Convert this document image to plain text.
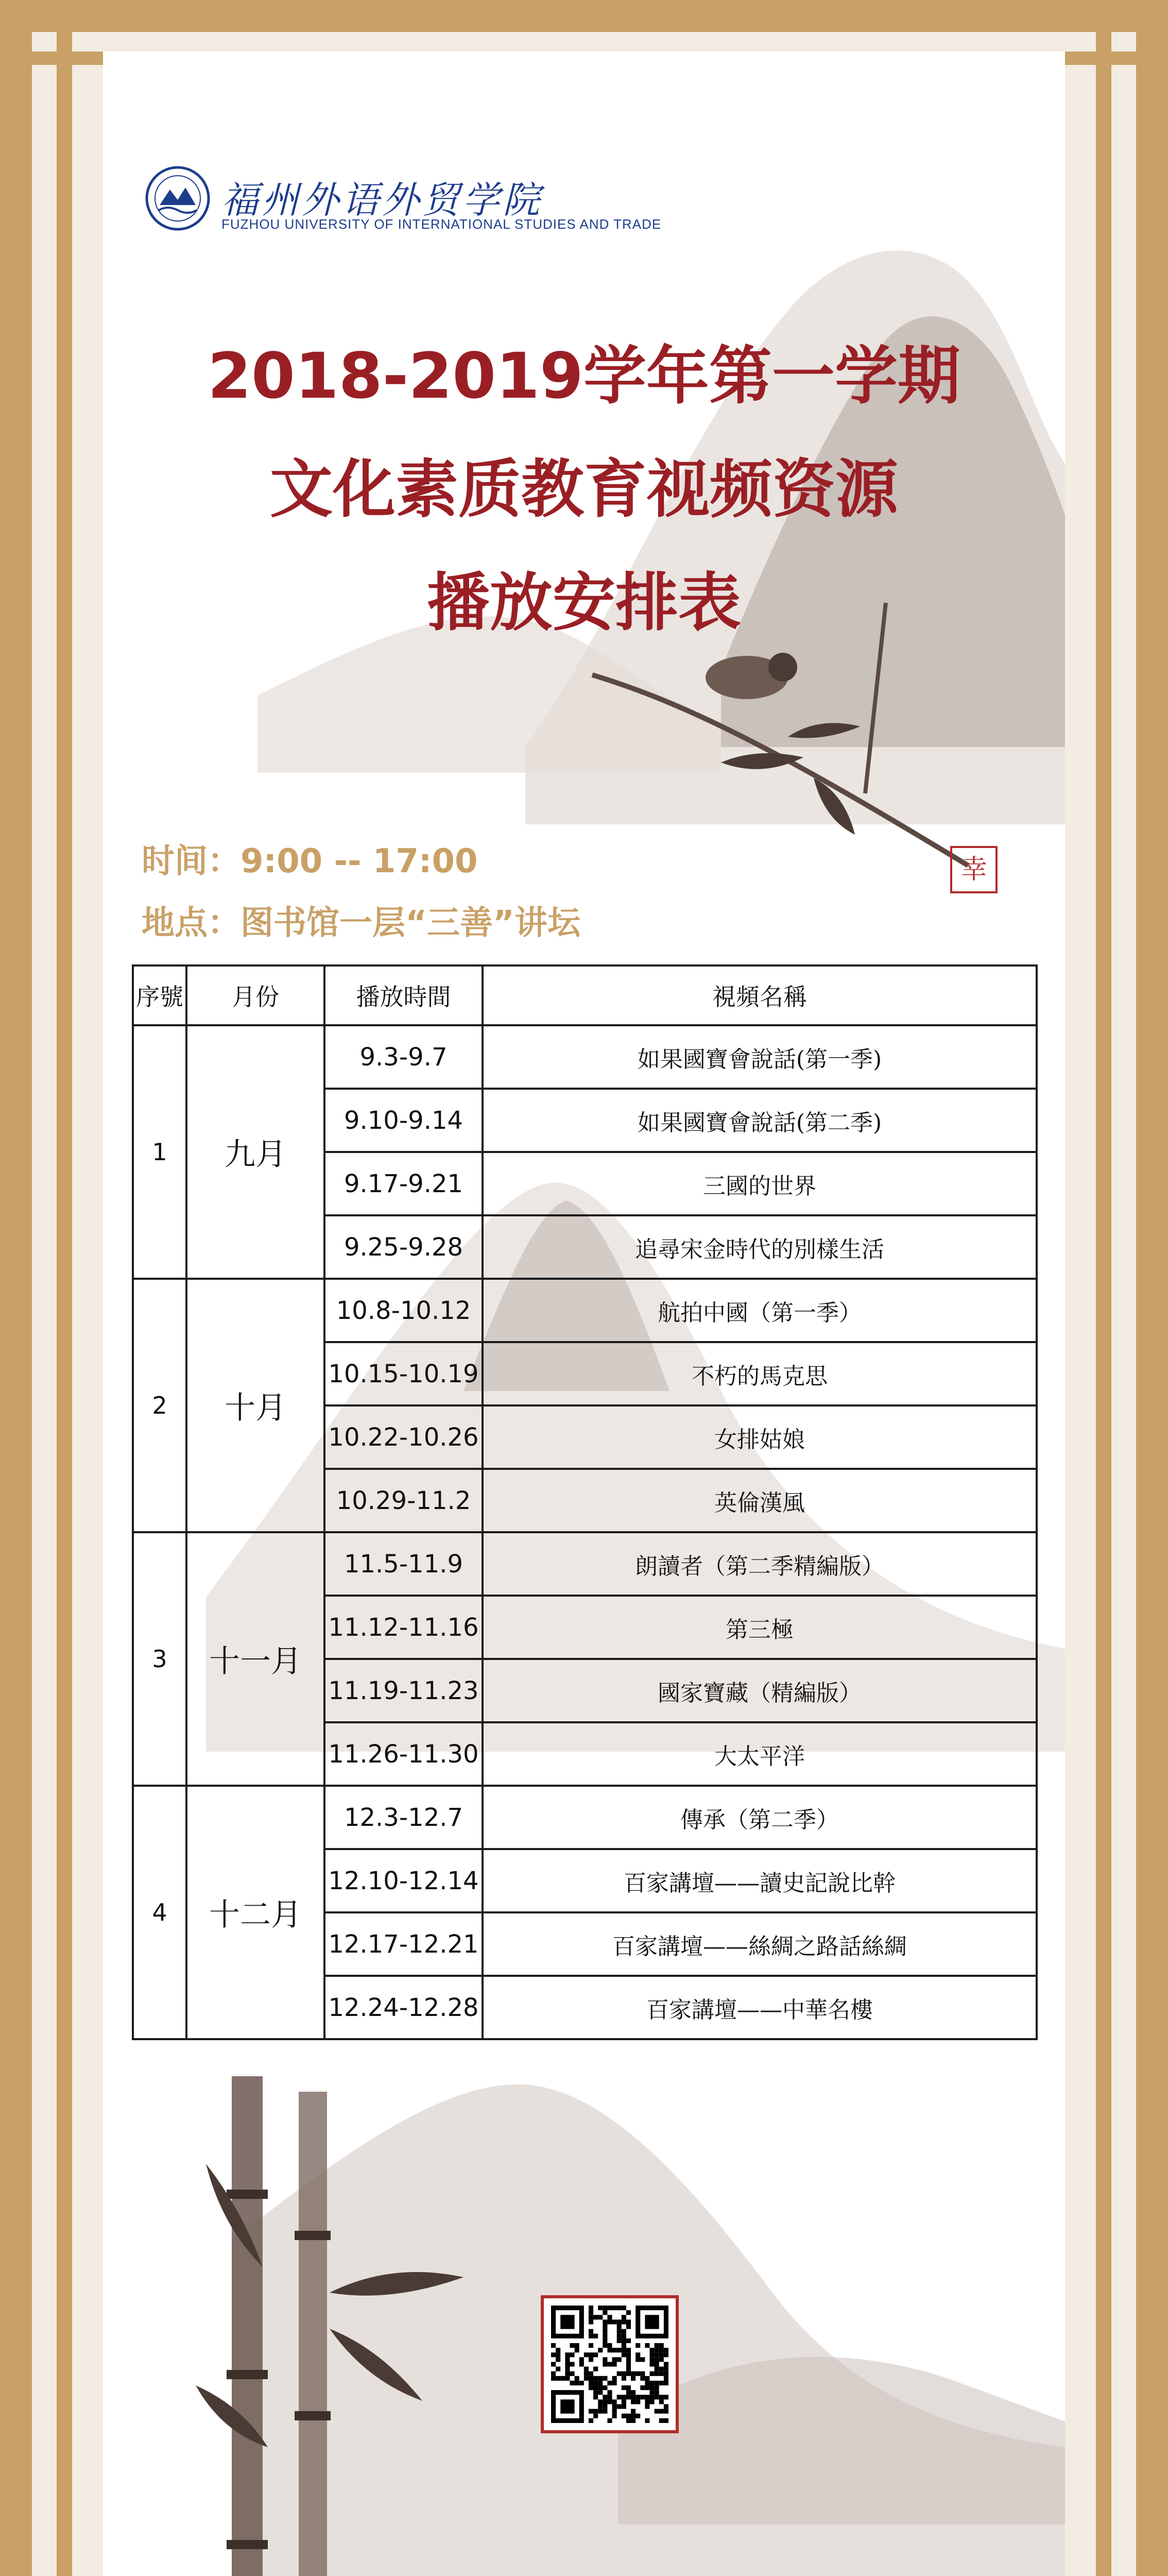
福州外语外贸学院
FUZHOU UNIVERSITY OF INTERNATIONAL STUDIES AND TRADE
2018-2019学年第一学期
文化素质教育视频资源
播放安排表
幸
时间：9:00 -- 17:00
地点：图书馆一层“三善”讲坛
序號	月份	播放時間	視頻名稱
1	九月	9.3-9.7	如果國寶會說話(第一季)
		9.10-9.14	如果國寶會說話(第二季)
		9.17-9.21	三國的世界
		9.25-9.28	追尋宋金時代的別樣生活
2	十月	10.8-10.12	航拍中國（第一季）
		10.15-10.19	不朽的馬克思
		10.22-10.26	女排姑娘
		10.29-11.2	英倫漢風
3	十一月	11.5-11.9	朗讀者（第二季精編版）
		11.12-11.16	第三極
		11.19-11.23	國家寶藏（精編版）
		11.26-11.30	大太平洋
4	十二月	12.3-12.7	傳承（第二季）
		12.10-12.14	百家講壇——讀史記說比幹
		12.17-12.21	百家講壇——絲綢之路話絲綢
		12.24-12.28	百家講壇——中華名樓
